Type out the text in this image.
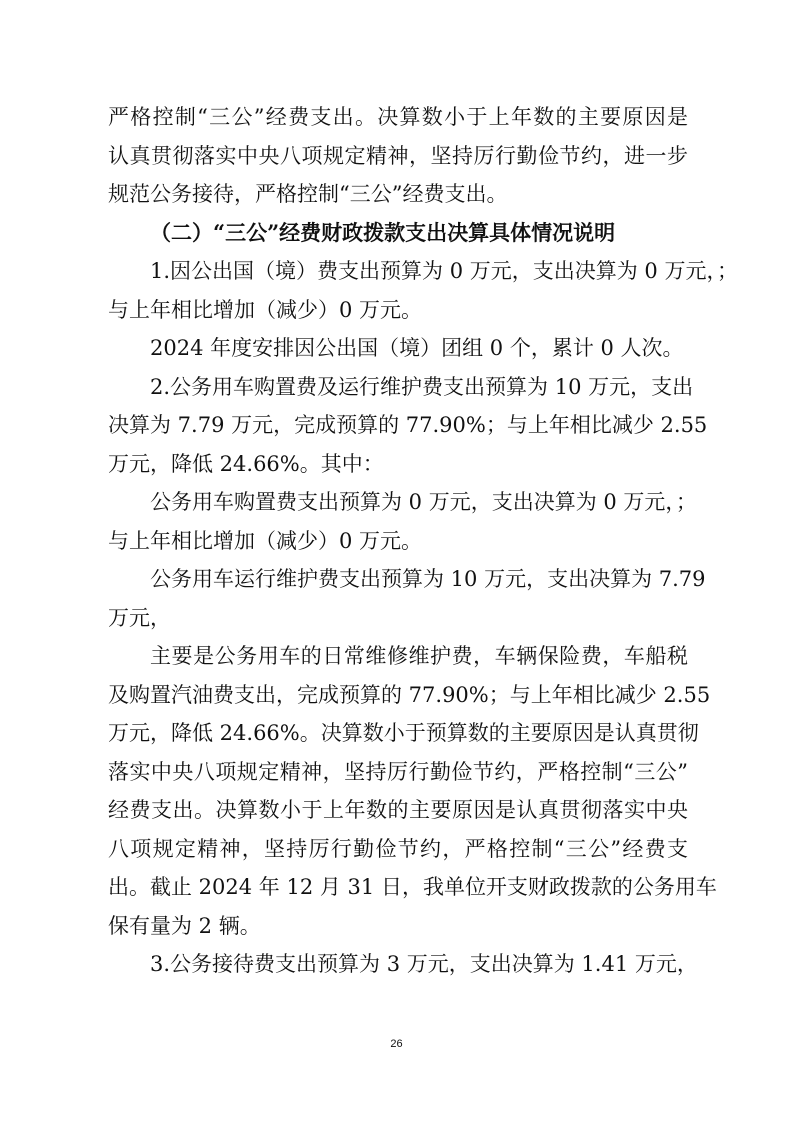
严格控制“三公”经费支出。决算数小于上年数的主要原因是
认真贯彻落实中央八项规定精神，坚持厉行勤俭节约，进一步
规范公务接待，严格控制“三公”经费支出。
（二）“三公”经费财政拨款支出决算具体情况说明
1.因公出国（境）费支出预算为 0 万元，支出决算为 0 万元，；
与上年相比增加（减少）0 万元。
2024 年度安排因公出国（境）团组 0 个，累计 0 人次。
2.公务用车购置费及运行维护费支出预算为 10 万元，支出
决算为 7.79 万元，完成预算的 77.90%；与上年相比减少 2.55
万元，降低 24.66%。其中：
公务用车购置费支出预算为 0 万元，支出决算为 0 万元，；
与上年相比增加（减少）0 万元。
公务用车运行维护费支出预算为 10 万元，支出决算为 7.79
万元，
主要是公务用车的日常维修维护费，车辆保险费，车船税
及购置汽油费支出，完成预算的 77.90%；与上年相比减少 2.55
万元，降低 24.66%。决算数小于预算数的主要原因是认真贯彻
落实中央八项规定精神，坚持厉行勤俭节约，严格控制“三公”
经费支出。决算数小于上年数的主要原因是认真贯彻落实中央
八项规定精神，坚持厉行勤俭节约，严格控制“三公”经费支
出。截止 2024 年 12 月 31 日，我单位开支财政拨款的公务用车
保有量为 2 辆。
3.公务接待费支出预算为 3 万元，支出决算为 1.41 万元，
26
